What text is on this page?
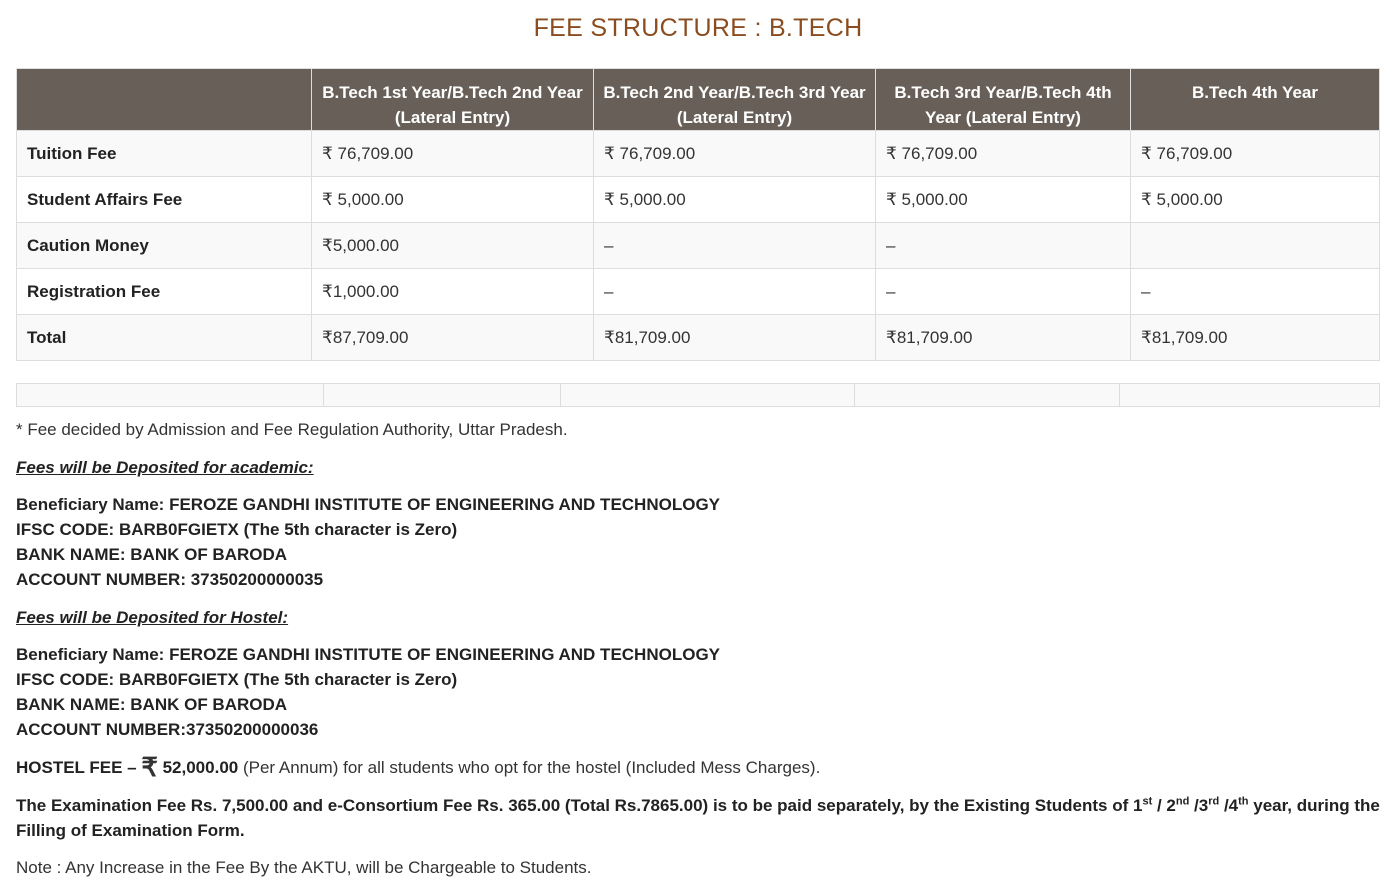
FEE STRUCTURE : B.TECH
	B.Tech 1st Year/B.Tech 2nd Year (Lateral Entry)	B.Tech 2nd Year/B.Tech 3rd Year (Lateral Entry)	B.Tech 3rd Year/B.Tech 4th Year (Lateral Entry)	B.Tech 4th Year
Tuition Fee	₹ 76,709.00	₹ 76,709.00	₹ 76,709.00	₹ 76,709.00
Student Affairs Fee	₹ 5,000.00	₹ 5,000.00	₹ 5,000.00	₹ 5,000.00
Caution Money	₹5,000.00	–	–	
Registration Fee	₹1,000.00	–	–	–
Total	₹87,709.00	₹81,709.00	₹81,709.00	₹81,709.00

* Fee decided by Admission and Fee Regulation Authority, Uttar Pradesh.
Fees will be Deposited for academic:
Beneficiary Name: FEROZE GANDHI INSTITUTE OF ENGINEERING AND TECHNOLOGY
IFSC CODE: BARB0FGIETX (The 5th character is Zero)
BANK NAME: BANK OF BARODA
ACCOUNT NUMBER: 37350200000035
Fees will be Deposited for Hostel:
Beneficiary Name: FEROZE GANDHI INSTITUTE OF ENGINEERING AND TECHNOLOGY
IFSC CODE: BARB0FGIETX (The 5th character is Zero)
BANK NAME: BANK OF BARODA
ACCOUNT NUMBER:37350200000036
HOSTEL FEE – ₹ 52,000.00 (Per Annum) for all students who opt for the hostel (Included Mess Charges).
The Examination Fee Rs. 7,500.00 and e-Consortium Fee Rs. 365.00 (Total Rs.7865.00) is to be paid separately, by the Existing Students of 1st / 2nd /3rd /4th year, during the
Filling of Examination Form.
Note : Any Increase in the Fee By the AKTU, will be Chargeable to Students.
